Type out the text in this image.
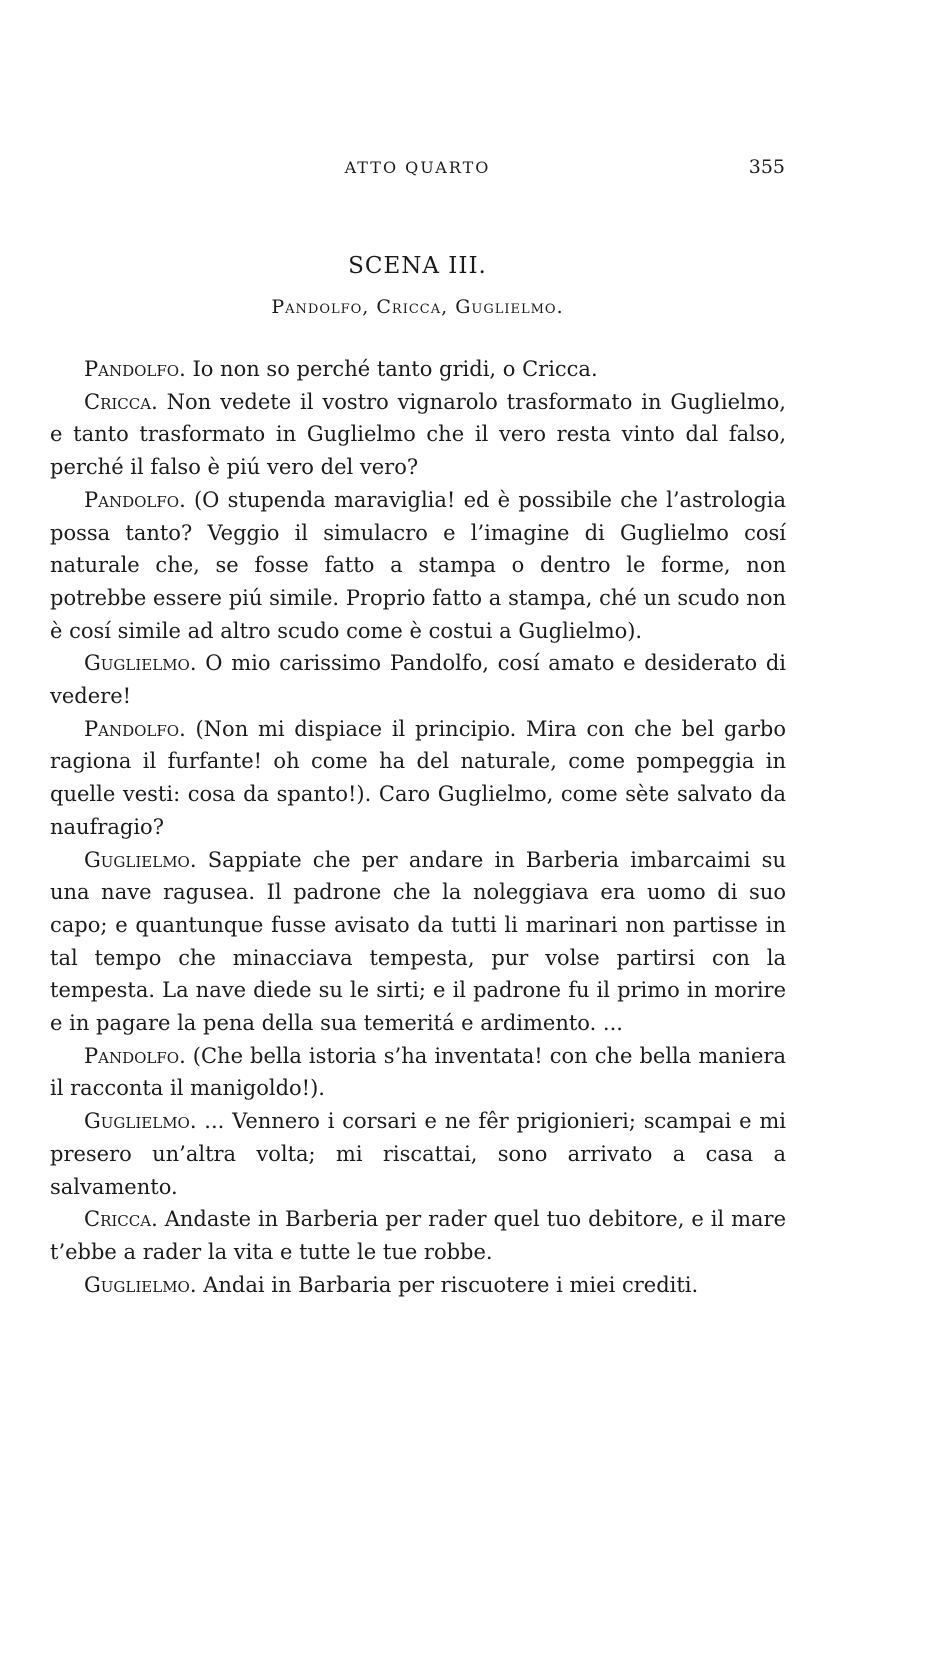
ATTO QUARTO	355
SCENA III.
Pandolfo, Cricca, Guglielmo.

Pandolfo. Io non so perché tanto gridi, o Cricca.

Cricca. Non vedete il vostro vignarolo trasformato in Guglielmo, e tanto trasformato in Guglielmo che il vero resta vinto dal falso, perché il falso è piú vero del vero?

Pandolfo. (O stupenda maraviglia! ed è possibile che l’astrologia possa tanto? Veggio il simulacro e l’imagine di Guglielmo cosí naturale che, se fosse fatto a stampa o dentro le forme, non potrebbe essere piú simile. Proprio fatto a stampa, ché un scudo non è cosí simile ad altro scudo come è costui a Guglielmo).

Guglielmo. O mio carissimo Pandolfo, cosí amato e desiderato di vedere!

Pandolfo. (Non mi dispiace il principio. Mira con che bel garbo ragiona il furfante! oh come ha del naturale, come pompeggia in quelle vesti: cosa da spanto!). Caro Guglielmo, come sète salvato da naufragio?

Guglielmo. Sappiate che per andare in Barberia imbarcaimi su una nave ragusea. Il padrone che la noleggiava era uomo di suo capo; e quantunque fusse avisato da tutti li marinari non partisse in tal tempo che minacciava tempesta, pur volse partirsi con la tempesta. La nave diede su le sirti; e il padrone fu il primo in morire e in pagare la pena della sua temeritá e ardimento. ...

Pandolfo. (Che bella istoria s’ha inventata! con che bella maniera il racconta il manigoldo!).

Guglielmo. ... Vennero i corsari e ne fêr prigionieri; scampai e mi presero un’altra volta; mi riscattai, sono arrivato a casa a salvamento.

Cricca. Andaste in Barberia per rader quel tuo debitore, e il mare t’ebbe a rader la vita e tutte le tue robbe.

Guglielmo. Andai in Barbaria per riscuotere i miei crediti.
